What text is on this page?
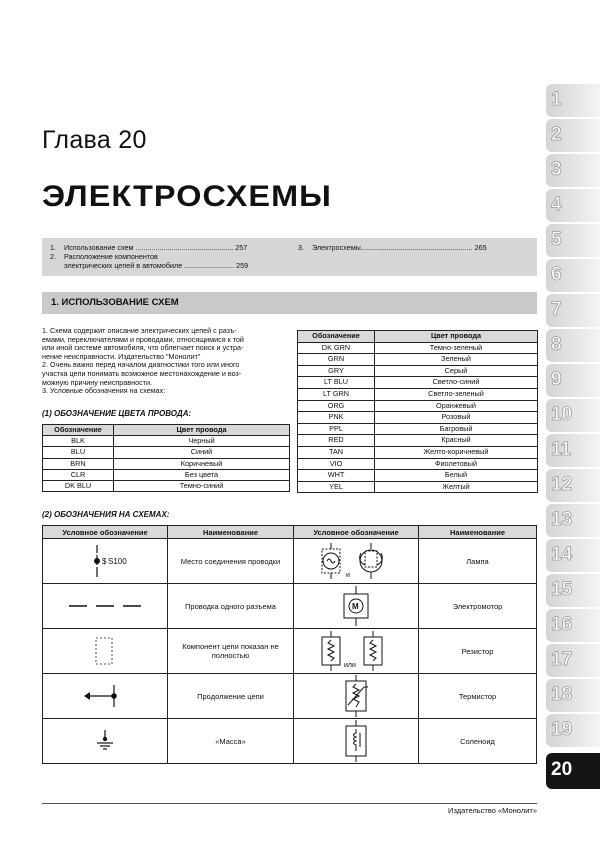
Глава 20
ЭЛЕКТРОСХЕМЫ
1. Использование схем ................................................. 257
2. Расположение компонентов
электрических цепей в автомобиле ......................... 259
3. Электросхемы........................................................ 265
1. ИСПОЛЬЗОВАНИЕ СХЕМ

1. Схема содержит описание электрических цепей с разъ-

емами, переключателями и проводами, относящимися к той

или иной системе автомобиля, что облегчает поиск и устра-

нение неисправности. Издательство "Монолит"

2. Очень важно перед началом диагностики того или иного

участка цепи понимать возможное местонахождение и воз-

можную причину неисправности.

3. Условные обозначения на схемах:

(1) ОБОЗНАЧЕНИЕ ЦВЕТА ПРОВОДА:
Обозначение	Цвет провода
BLK	Черный
BLU	Синий
BRN	Коричневый
CLR	Без цвета
DK BLU	Темно-синий
Обозначение	Цвет провода
DK GRN	Темно-зеленый
GRN	Зеленый
GRY	Серый
LT BLU	Светло-синий
LT GRN	Светло-зеленый
ORG	Оранжевый
PNK	Розовый
PPL	Багровый
RED	Красный
TAN	Желто-коричневый
VIO	Фиолетовый
WHT	Белый
YEL	Желтый
(2) ОБОЗНАЧЕНИЯ НА СХЕМАХ:
Условное обозначение	Наименование	Условное обозначение	Наименование

$ S100	Место соединения проводки	и	Лампа

	Проводка одного разъема	M	Электромотор

	Компонент цепи показан не полностью	или	Резистор

	Продолжение цепи		Термистор

	«Масса»		Соленоид
1
2
3
4
5
6
7
8
9
10
11
12
13
14
15
16
17
18
19
20
Издательство «Монолит»
